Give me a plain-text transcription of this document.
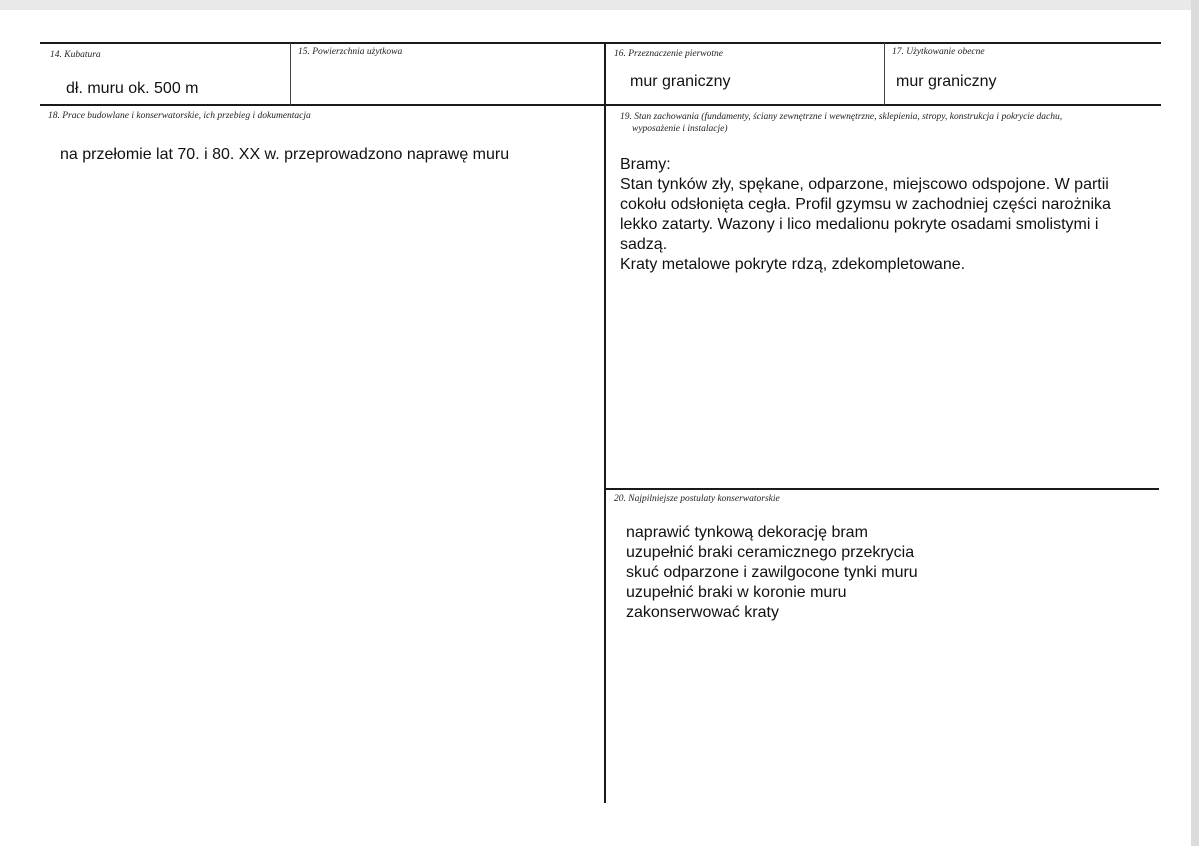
14. Kubatura
dł. muru ok. 500 m
15. Powierzchnia użytkowa	16. Przeznaczenie pierwotne
mur graniczny
17. Użytkowanie obecne
mur graniczny
18. Prace budowlane i konserwatorskie, ich przebieg i dokumentacja
na przełomie lat 70. i 80. XX w. przeprowadzono naprawę muru
19. Stan zachowania (fundamenty, ściany zewnętrzne i wewnętrzne, sklepienia, stropy, konstrukcja i pokrycie dachu,
wyposażenie i instalacje)
Bramy:
Stan tynków zły, spękane, odparzone, miejscowo odspojone. W partii
cokołu odsłonięta cegła. Profil gzymsu w zachodniej części narożnika
lekko zatarty. Wazony i lico medalionu pokryte osadami smolistymi i
sadzą.
Kraty metalowe pokryte rdzą, zdekompletowane.
20. Najpilniejsze postulaty konserwatorskie
naprawić tynkową dekorację bram
uzupełnić braki ceramicznego przekrycia
skuć odparzone i zawilgocone tynki muru
uzupełnić braki w koronie muru
zakonserwować kraty
